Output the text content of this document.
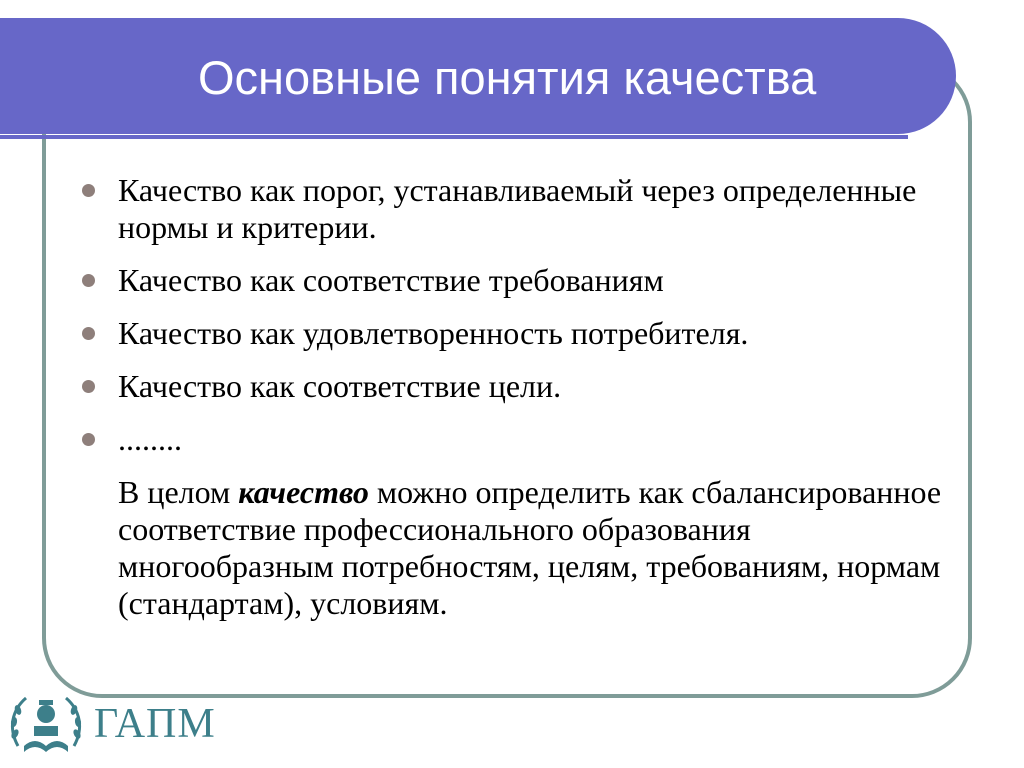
Основные понятия качества
Качество как порог, устанавливаемый через определенные нормы и критерии.
Качество как соответствие требованиям
Качество как удовлетворенность потребителя.
Качество как соответствие цели.
........
В целом качество можно определить как сбалансированное соответствие профессионального образования многообразным потребностям, целям, требованиям, нормам (стандартам), условиям.
ГАПМ
